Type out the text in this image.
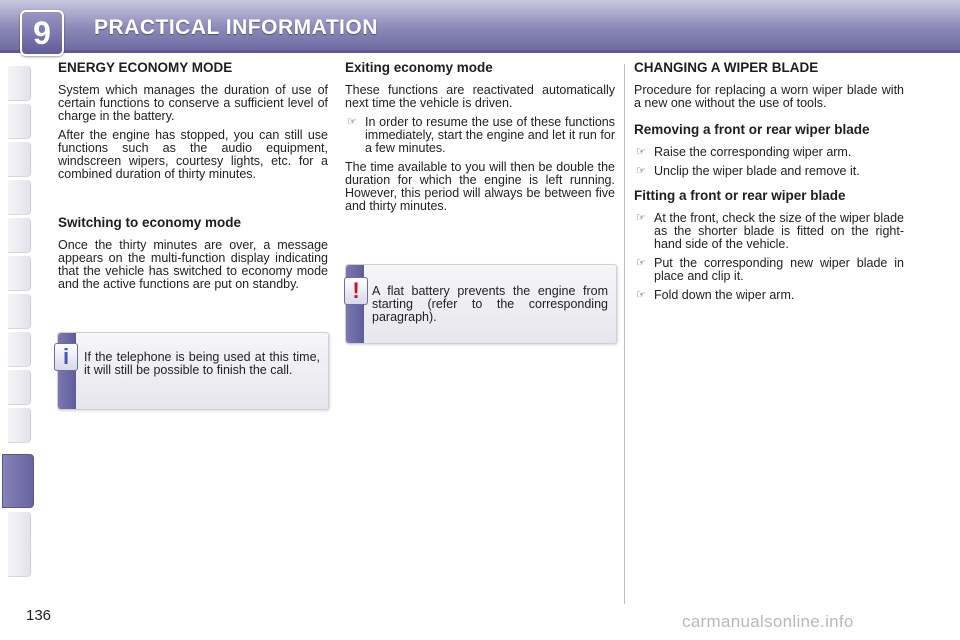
9	PRACTICAL INFORMATION
ENERGY ECONOMY MODE

System which manages the duration of use of certain functions to conserve a sufficient level of charge in the battery.

After the engine has stopped, you can still use functions such as the audio equipment, windscreen wipers, courtesy lights, etc. for a combined duration of thirty minutes.

Switching to economy mode

Once the thirty minutes are over, a message appears on the multi-function display indicating that the vehicle has switched to economy mode and the active functions are put on standby.

i	If the telephone is being used at this time, it will still be possible to finish the call.
Exiting economy mode

These functions are reactivated automatically next time the vehicle is driven.

☞ In order to resume the use of these functions immediately, start the engine and let it run for a few minutes.

The time available to you will then be double the duration for which the engine is left running. However, this period will always be between five and thirty minutes.

! A flat battery prevents the engine from starting (refer to the corresponding paragraph).
CHANGING A WIPER BLADE

Procedure for replacing a worn wiper blade with a new one without the use of tools.

Removing a front or rear wiper blade
☞ Raise the corresponding wiper arm.
☞ Unclip the wiper blade and remove it.
Fitting a front or rear wiper blade
☞ At the front, check the size of the wiper blade as the shorter blade is fitted on the right-hand side of the vehicle.
☞ Put the corresponding new wiper blade in place and clip it.
☞ Fold down the wiper arm.
136	carmanualsonline.info
